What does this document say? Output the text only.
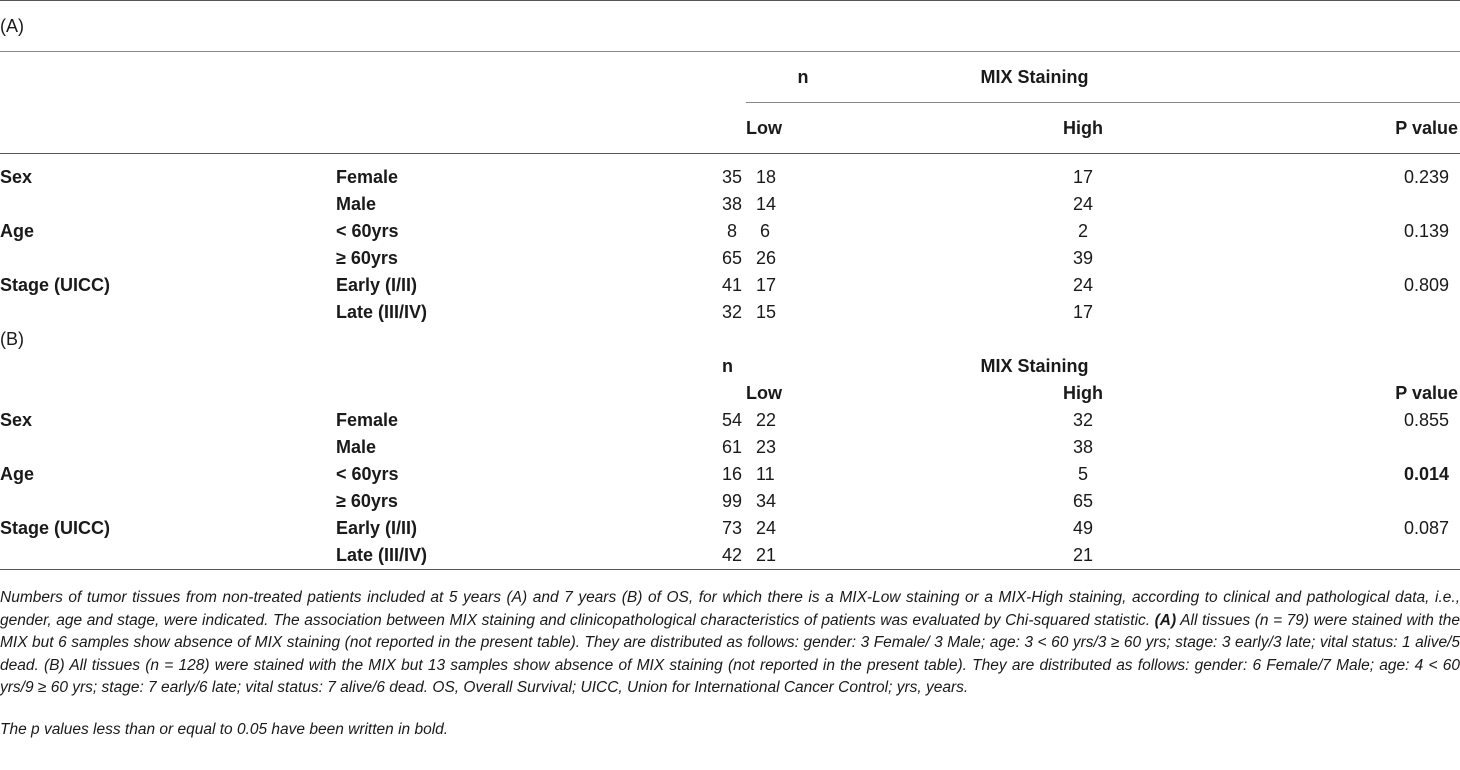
(A)					
		n	MIX Staining		

			Low	High	P value

Sex	Female	35	18	17	0.239
	Male	38	14	24	
Age	< 60yrs	8	6	2	0.139
	≥ 60yrs	65	26	39	
Stage (UICC)	Early (I/II)	41	17	24	0.809
	Late (III/IV)	32	15	17	
(B)					
		n	MIX Staining		

			Low	High	P value
Sex	Female	54	22	32	0.855
	Male	61	23	38	
Age	< 60yrs	16	11	5	0.014
	≥ 60yrs	99	34	65	
Stage (UICC)	Early (I/II)	73	24	49	0.087
	Late (III/IV)	42	21	21	

Numbers of tumor tissues from non-treated patients included at 5 years (A) and 7 years (B) of OS, for which there is a MIX-Low staining or a MIX-High staining, according to clinical and pathological data, i.e., gender, age and stage, were indicated. The association between MIX staining and clinicopathological characteristics of patients was evaluated by Chi-squared statistic. (A) All tissues (n = 79) were stained with the MIX but 6 samples show absence of MIX staining (not reported in the present table). They are distributed as follows: gender: 3 Female/ 3 Male; age: 3 < 60 yrs/3 ≥ 60 yrs; stage: 3 early/3 late; vital status: 1 alive/5 dead. (B) All tissues (n = 128) were stained with the MIX but 13 samples show absence of MIX staining (not reported in the present table). They are distributed as follows: gender: 6 Female/7 Male; age: 4 < 60 yrs/9 ≥ 60 yrs; stage: 7 early/6 late; vital status: 7 alive/6 dead. OS, Overall Survival; UICC, Union for International Cancer Control; yrs, years.

The p values less than or equal to 0.05 have been written in bold.
